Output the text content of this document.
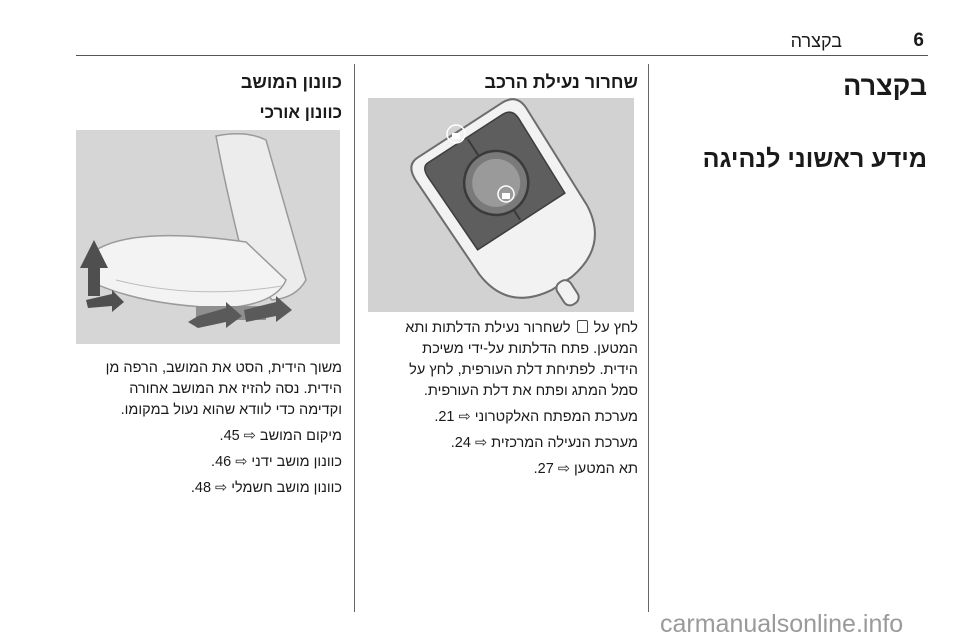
6
בקצרה
בקצרה
מידע ראשוני לנהיגה
שחרור נעילת הרכב
לחץ על  לשחרור נעילת הדלתות ותא
המטען. פתח הדלתות על-ידי משיכת
הידית. לפתיחת דלת העורפית, לחץ על
סמל המתג ופתח את דלת העורפית.
מערכת המפתח האלקטרוני ⇨ 21.
מערכת הנעילה המרכזית ⇨ 24.
תא המטען ⇨ 27.
כוונון המושב
כוונון אורכי
משוך הידית, הסט את המושב, הרפה מן
הידית. נסה להזיז את המושב אחורה
וקדימה כדי לוודא שהוא נעול במקומו.
מיקום המושב ⇨ 45.
כוונון מושב ידני ⇨ 46.
כוונון מושב חשמלי ⇨ 48.
carmanualsonline.info
